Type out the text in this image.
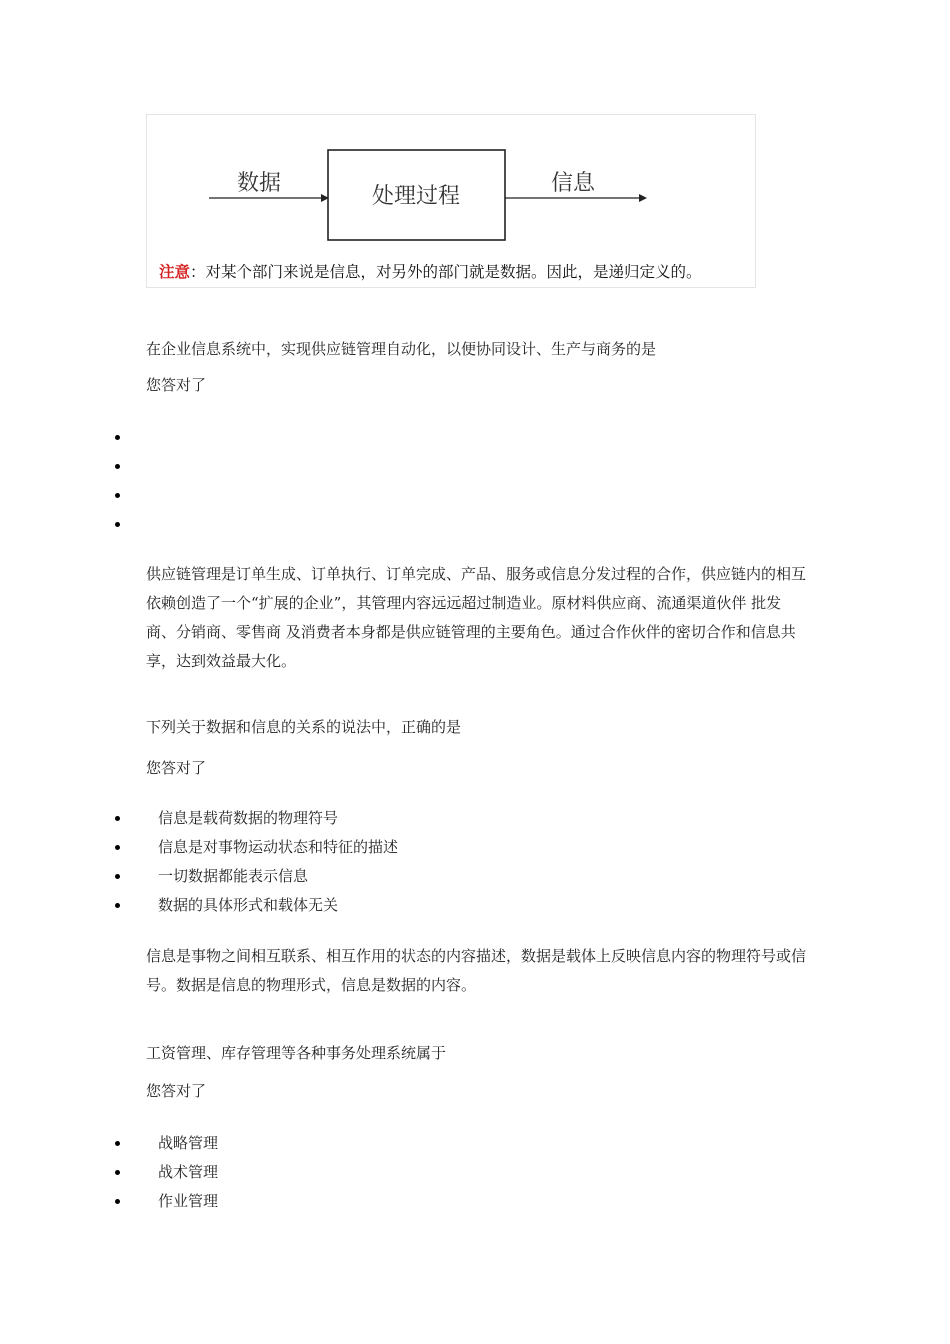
数据
处理过程
信息
注意：对某个部门来说是信息，对另外的部门就是数据。因此，是递归定义的。

在企业信息系统中，实现供应链管理自动化，以便协同设计、生产与商务的是

您答对了

供应链管理是订单生成、订单执行、订单完成、产品、服务或信息分发过程的合作，供应链内的相互依赖创造了一个“扩展的企业”，其管理内容远远超过制造业。原材料供应商、流通渠道伙伴 批发商、分销商、零售商 及消费者本身都是供应链管理的主要角色。通过合作伙伴的密切合作和信息共享，达到效益最大化。

下列关于数据和信息的关系的说法中，正确的是

您答对了

信息是载荷数据的物理符号
信息是对事物运动状态和特征的描述
一切数据都能表示信息
数据的具体形式和载体无关

信息是事物之间相互联系、相互作用的状态的内容描述，数据是载体上反映信息内容的物理符号或信号。数据是信息的物理形式，信息是数据的内容。

工资管理、库存管理等各种事务处理系统属于

您答对了

战略管理
战术管理
作业管理
